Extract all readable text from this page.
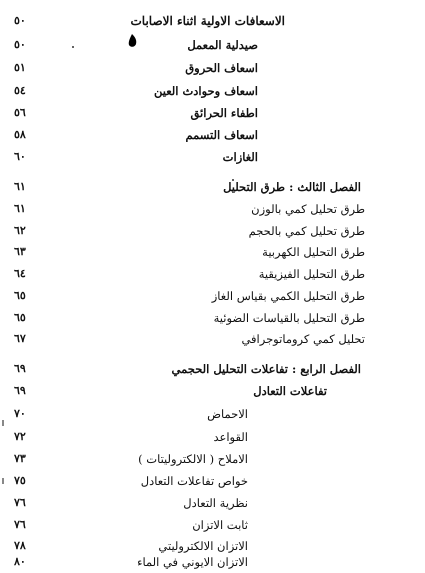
٥٠	الاسعافات الاولية اثناء الاصابات
٥٠	صيدلية المعمل
٥١	اسعاف الحروق
٥٤	اسعاف وحوادث العين
٥٦	اطفاء الحرائق
٥٨	اسعاف التسمم
٦٠	الغازات
٦١	الفصل الثالث : طرق التحليل
٦١	طرق تحليل كمي بالوزن
٦٢	طرق تحليل كمي بالحجم
٦٣	طرق التحليل الكهربية
٦٤	طرق التحليل الفيزيقية
٦٥	طرق التحليل الكمي بقياس الغاز
٦٥	طرق التحليل بالقياسات الضوئية
٦٧	تحليل كمي كروماتوجرافي
٦٩	الفصل الرابع : تفاعلات التحليل الحجمي
٦٩	تفاعلات التعادل
٧٠	الاحماض
٧٢	القواعد
٧٣	الاملاح ( الالكتروليتات )
٧٥	خواص تفاعلات التعادل
٧٦	نظرية التعادل
٧٦	ثابت الاتزان
٧٨	الاتزان الالكتروليتي
٨٠	الاتزان الايوني في الماء
